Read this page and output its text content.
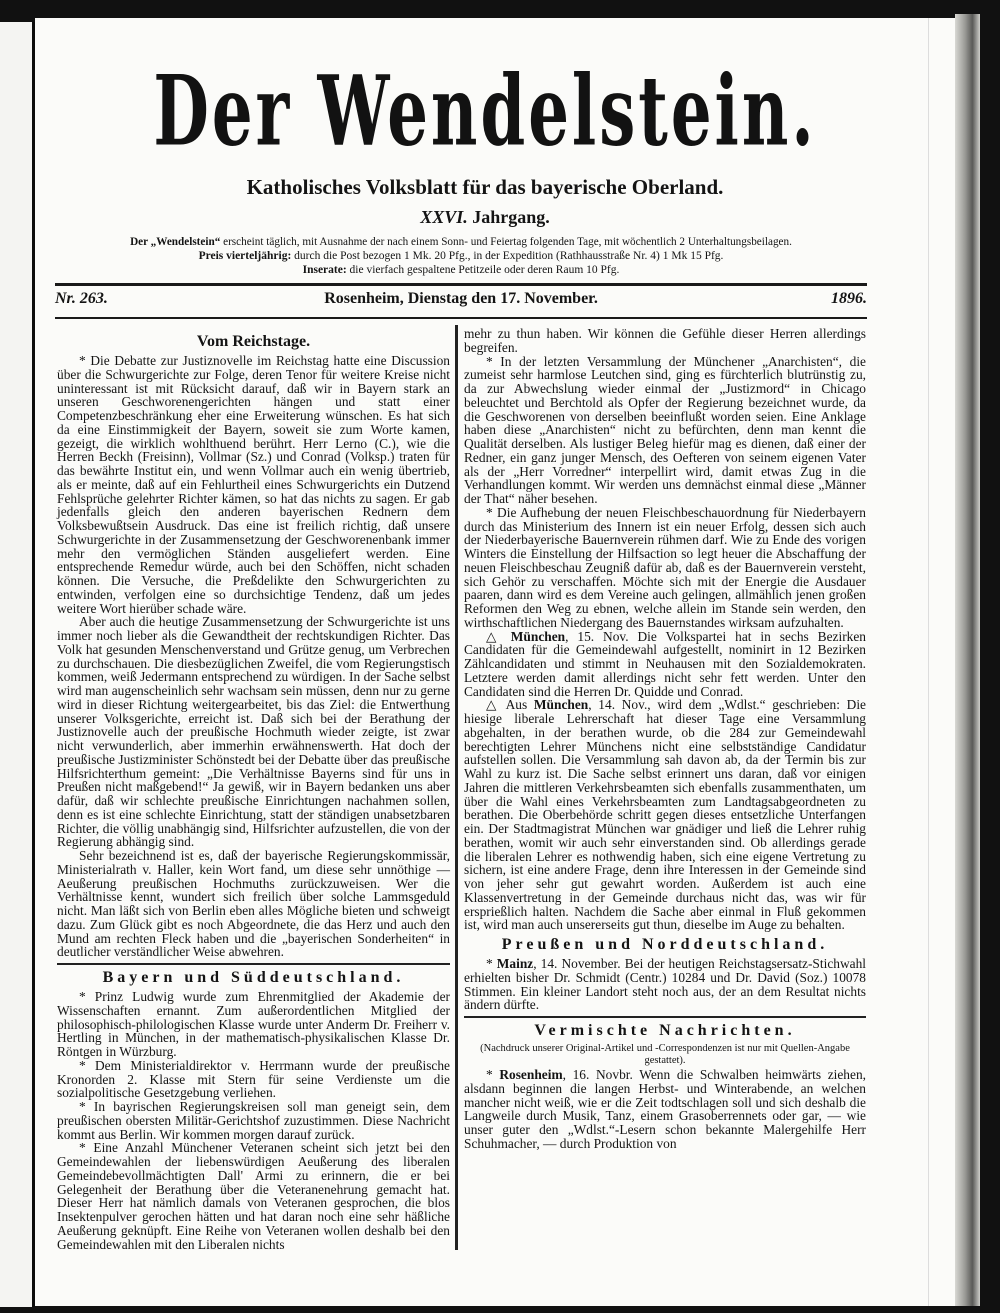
Der Wendelstein.
Katholisches Volksblatt für das bayerische Oberland.
XXVI. Jahrgang.
Der „Wendelstein“ erscheint täglich, mit Ausnahme der nach einem Sonn- und Feiertag folgenden Tage, mit wöchentlich 2 Unterhaltungsbeilagen.
Preis vierteljährig: durch die Post bezogen 1 Mk. 20 Pfg., in der Expedition (Rathhausstraße Nr. 4) 1 Mk 15 Pfg.
Inserate: die vierfach gespaltene Petitzeile oder deren Raum 10 Pfg.
Nr. 263.	Rosenheim, Dienstag den 17. November.	1896.
Vom Reichstage.

* Die Debatte zur Justiznovelle im Reichstag hatte eine Discussion über die Schwurgerichte zur Folge, deren Tenor für weitere Kreise nicht uninteressant ist mit Rücksicht darauf, daß wir in Bayern stark an unseren Geschworenengerichten hängen und statt einer Competenzbeschränkung eher eine Erweiterung wünschen. Es hat sich da eine Einstimmigkeit der Bayern, soweit sie zum Worte kamen, gezeigt, die wirklich wohlthuend berührt. Herr Lerno (C.), wie die Herren Beckh (Freisinn), Vollmar (Sz.) und Conrad (Volksp.) traten für das bewährte Institut ein, und wenn Vollmar auch ein wenig übertrieb, als er meinte, daß auf ein Fehlurtheil eines Schwurgerichts ein Dutzend Fehlsprüche gelehrter Richter kämen, so hat das nichts zu sagen. Er gab jedenfalls gleich den anderen bayerischen Rednern dem Volksbewußtsein Ausdruck. Das eine ist freilich richtig, daß unsere Schwurgerichte in der Zusammensetzung der Geschworenenbank immer mehr den vermöglichen Ständen ausgeliefert werden. Eine entsprechende Remedur würde, auch bei den Schöffen, nicht schaden können. Die Versuche, die Preßdelikte den Schwurgerichten zu entwinden, verfolgen eine so durchsichtige Tendenz, daß um jedes weitere Wort hierüber schade wäre.

Aber auch die heutige Zusammensetzung der Schwurgerichte ist uns immer noch lieber als die Gewandtheit der rechtskundigen Richter. Das Volk hat gesunden Menschenverstand und Grütze genug, um Verbrechen zu durchschauen. Die diesbezüglichen Zweifel, die vom Regierungstisch kommen, weiß Jedermann entsprechend zu würdigen. In der Sache selbst wird man augenscheinlich sehr wachsam sein müssen, denn nur zu gerne wird in dieser Richtung weitergearbeitet, bis das Ziel: die Entwerthung unserer Volksgerichte, erreicht ist. Daß sich bei der Berathung der Justiznovelle auch der preußische Hochmuth wieder zeigte, ist zwar nicht verwunderlich, aber immerhin erwähnenswerth. Hat doch der preußische Justizminister Schönstedt bei der Debatte über das preußische Hilfsrichterthum gemeint: „Die Verhältnisse Bayerns sind für uns in Preußen nicht maßgebend!“ Ja gewiß, wir in Bayern bedanken uns aber dafür, daß wir schlechte preußische Einrichtungen nachahmen sollen, denn es ist eine schlechte Einrichtung, statt der ständigen unabsetzbaren Richter, die völlig unabhängig sind, Hilfsrichter aufzustellen, die von der Regierung abhängig sind.

Sehr bezeichnend ist es, daß der bayerische Regierungskommissär, Ministerialrath v. Haller, kein Wort fand, um diese sehr unnöthige — Aeußerung preußischen Hochmuths zurückzuweisen. Wer die Verhältnisse kennt, wundert sich freilich über solche Lammsgeduld nicht. Man läßt sich von Berlin eben alles Mögliche bieten und schweigt dazu. Zum Glück gibt es noch Abgeordnete, die das Herz und auch den Mund am rechten Fleck haben und die „bayerischen Sonderheiten“ in deutlicher verständlicher Weise abwehren.

Bayern und Süddeutschland.

* Prinz Ludwig wurde zum Ehrenmitglied der Akademie der Wissenschaften ernannt. Zum außerordentlichen Mitglied der philosophisch-philologischen Klasse wurde unter Anderm Dr. Freiherr v. Hertling in München, in der mathematisch-physikalischen Klasse Dr. Röntgen in Würzburg.

* Dem Ministerialdirektor v. Herrmann wurde der preußische Kronorden 2. Klasse mit Stern für seine Verdienste um die sozialpolitische Gesetzgebung verliehen.

* In bayrischen Regierungskreisen soll man geneigt sein, dem preußischen obersten Militär-Gerichtshof zuzustimmen. Diese Nachricht kommt aus Berlin. Wir kommen morgen darauf zurück.

* Eine Anzahl Münchener Veteranen scheint sich jetzt bei den Gemeindewahlen der liebenswürdigen Aeußerung des liberalen Gemeindebevollmächtigten Dall' Armi zu erinnern, die er bei Gelegenheit der Berathung über die Veteranenehrung gemacht hat. Dieser Herr hat nämlich damals von Veteranen gesprochen, die blos Insektenpulver gerochen hätten und hat daran noch eine sehr häßliche Aeußerung geknüpft. Eine Reihe von Veteranen wollen deshalb bei den Gemeindewahlen mit den Liberalen nichts

mehr zu thun haben. Wir können die Gefühle dieser Herren allerdings begreifen.

* In der letzten Versammlung der Münchener „Anarchisten“, die zumeist sehr harmlose Leutchen sind, ging es fürchterlich blutrünstig zu, da zur Abwechslung wieder einmal der „Justizmord“ in Chicago beleuchtet und Berchtold als Opfer der Regierung bezeichnet wurde, da die Geschworenen von derselben beeinflußt worden seien. Eine Anklage haben diese „Anarchisten“ nicht zu befürchten, denn man kennt die Qualität derselben. Als lustiger Beleg hiefür mag es dienen, daß einer der Redner, ein ganz junger Mensch, des Oefteren von seinem eigenen Vater als der „Herr Vorredner“ interpellirt wird, damit etwas Zug in die Verhandlungen kommt. Wir werden uns demnächst einmal diese „Männer der That“ näher besehen.

* Die Aufhebung der neuen Fleischbeschauordnung für Niederbayern durch das Ministerium des Innern ist ein neuer Erfolg, dessen sich auch der Niederbayerische Bauernverein rühmen darf. Wie zu Ende des vorigen Winters die Einstellung der Hilfsaction so legt heuer die Abschaffung der neuen Fleischbeschau Zeugniß dafür ab, daß es der Bauernverein versteht, sich Gehör zu verschaffen. Möchte sich mit der Energie die Ausdauer paaren, dann wird es dem Vereine auch gelingen, allmählich jenen großen Reformen den Weg zu ebnen, welche allein im Stande sein werden, den wirthschaftlichen Niedergang des Bauernstandes wirksam aufzuhalten.

△ München, 15. Nov. Die Volkspartei hat in sechs Bezirken Candidaten für die Gemeindewahl aufgestellt, nominirt in 12 Bezirken Zählcandidaten und stimmt in Neuhausen mit den Sozialdemokraten. Letztere werden damit allerdings nicht sehr fett werden. Unter den Candidaten sind die Herren Dr. Quidde und Conrad.

△ Aus München, 14. Nov., wird dem „Wdlst.“ geschrieben: Die hiesige liberale Lehrerschaft hat dieser Tage eine Versammlung abgehalten, in der berathen wurde, ob die 284 zur Gemeindewahl berechtigten Lehrer Münchens nicht eine selbstständige Candidatur aufstellen sollen. Die Versammlung sah davon ab, da der Termin bis zur Wahl zu kurz ist. Die Sache selbst erinnert uns daran, daß vor einigen Jahren die mittleren Verkehrsbeamten sich ebenfalls zusammenthaten, um über die Wahl eines Verkehrsbeamten zum Landtagsabgeordneten zu berathen. Die Oberbehörde schritt gegen dieses entsetzliche Unterfangen ein. Der Stadtmagistrat München war gnädiger und ließ die Lehrer ruhig berathen, womit wir auch sehr einverstanden sind. Ob allerdings gerade die liberalen Lehrer es nothwendig haben, sich eine eigene Vertretung zu sichern, ist eine andere Frage, denn ihre Interessen in der Gemeinde sind von jeher sehr gut gewahrt worden. Außerdem ist auch eine Klassenvertretung in der Gemeinde durchaus nicht das, was wir für ersprießlich halten. Nachdem die Sache aber einmal in Fluß gekommen ist, wird man auch unsererseits gut thun, dieselbe im Auge zu behalten.

Preußen und Norddeutschland.

* Mainz, 14. November. Bei der heutigen Reichstagsersatz-Stichwahl erhielten bisher Dr. Schmidt (Centr.) 10284 und Dr. David (Soz.) 10078 Stimmen. Ein kleiner Landort steht noch aus, der an dem Resultat nichts ändern dürfte.

Vermischte Nachrichten.
(Nachdruck unserer Original-Artikel und -Correspondenzen ist nur mit Quellen-Angabe gestattet).

* Rosenheim, 16. Novbr. Wenn die Schwalben heimwärts ziehen, alsdann beginnen die langen Herbst- und Winterabende, an welchen mancher nicht weiß, wie er die Zeit todtschlagen soll und sich deshalb die Langweile durch Musik, Tanz, einem Grasoberrennets oder gar, — wie unser guter den „Wdlst.“-Lesern schon bekannte Malergehilfe Herr Schuhmacher, — durch Produktion von
